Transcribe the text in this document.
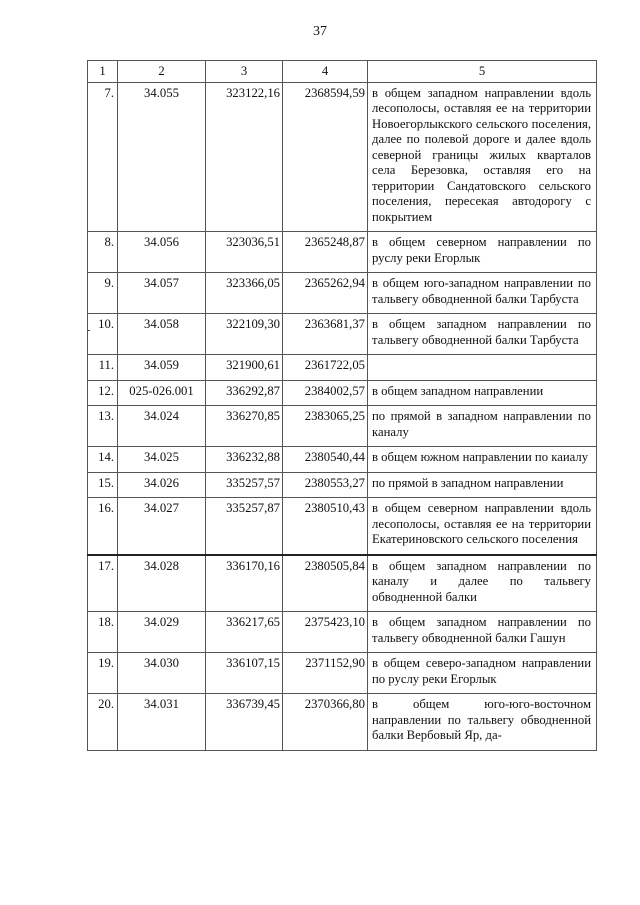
37
1	2	3	4	5
7.	34.055	323122,16	2368594,59	в общем западном направлении вдоль лесополосы, оставляя ее на территории Новоегорлыкского сельского поселения, далее по полевой дороге и далее вдоль северной границы жилых кварталов села Березовка, оставляя его на территории Сандатовского сельского поселения, пересекая автодорогу с покрытием
8.	34.056	323036,51	2365248,87	в общем северном направлении по руслу реки Егорлык
9.	34.057	323366,05	2365262,94	в общем юго-западном направлении по тальвегу обводненной балки Тарбуста
10.	34.058	322109,30	2363681,37	в общем западном направлении по тальвегу обводненной балки Тарбуста
11.	34.059	321900,61	2361722,05	
12.	025-026.001	336292,87	2384002,57	в общем западном направлении
13.	34.024	336270,85	2383065,25	по прямой в западном направлении по каналу
14.	34.025	336232,88	2380540,44	в общем южном направлении по каиалу
15.	34.026	335257,57	2380553,27	по прямой в западном направлении
16.	34.027	335257,87	2380510,43	в общем северном направлении вдоль лесополосы, оставляя ее на территории Екатериновского сельского поселения
17.	34.028	336170,16	2380505,84	в общем западном направлении по каналу и далее по тальвегу обводненной балки
18.	34.029	336217,65	2375423,10	в общем западном направлении по тальвегу обводненной балки Гашун
19.	34.030	336107,15	2371152,90	в общем северо-западном направлении по руслу реки Егорлык
20.	34.031	336739,45	2370366,80	в общем юго-юго-восточном направлении по тальвегу обводненной балки Вербовый Яр, да-
